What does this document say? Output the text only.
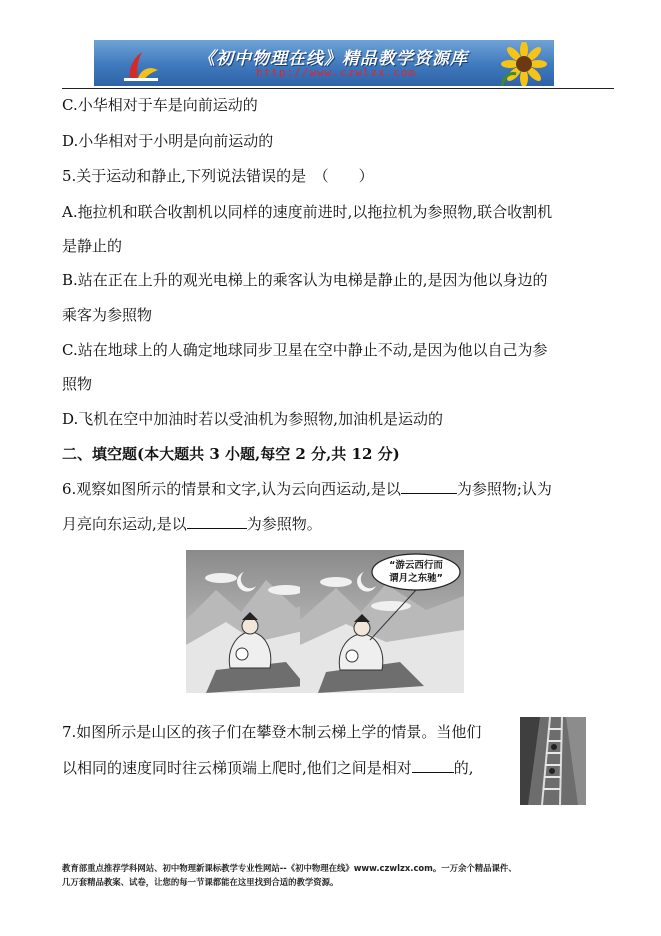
《初中物理在线》精品教学资源库
http://www.czwlzx.com
C.小华相对于车是向前运动的
D.小华相对于小明是向前运动的
5.关于运动和静止,下列说法错误的是　（　　）
A.拖拉机和联合收割机以同样的速度前进时,以拖拉机为参照物,联合收割机
是静止的
B.站在正在上升的观光电梯上的乘客认为电梯是静止的,是因为他以身边的
乘客为参照物
C.站在地球上的人确定地球同步卫星在空中静止不动,是因为他以自己为参
照物
D.飞机在空中加油时若以受油机为参照物,加油机是运动的
二、填空题(本大题共 3 小题,每空 2 分,共 12 分)
6.观察如图所示的情景和文字,认为云向西运动,是以	为参照物;认为
月亮向东运动,是以	为参照物。
“游云西行而
谓月之东驰”
7.如图所示是山区的孩子们在攀登木制云梯上学的情景。当他们
以相同的速度同时往云梯顶端上爬时,他们之间是相对	的,
教育部重点推荐学科网站、初中物理新课标教学专业性网站--《初中物理在线》www.czwlzx.com。一万余个精品课件、
几万套精品教案、试卷，让您的每一节课都能在这里找到合适的教学资源。
